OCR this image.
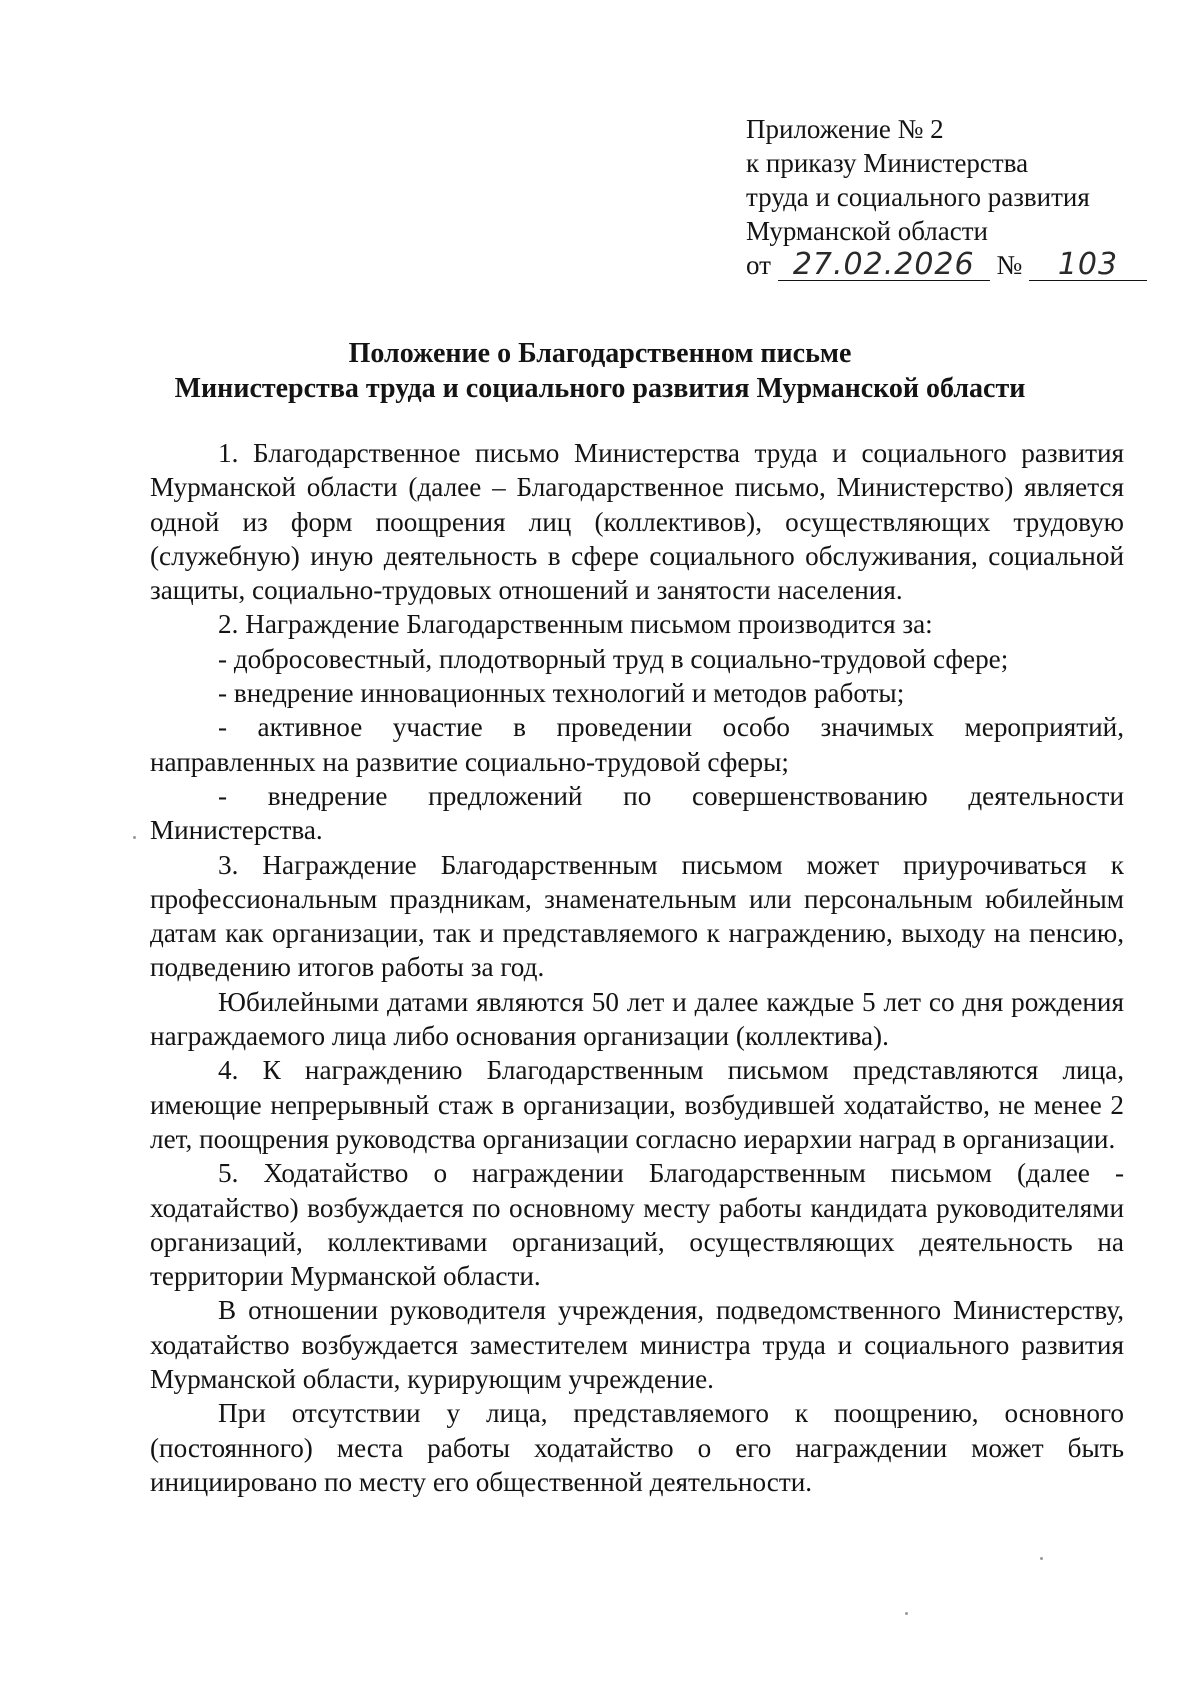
Приложение № 2
к приказу Министерства
труда и социального развития
Мурманской области
от 27.02.2026 № 103
Положение о Благодарственном письме
Министерства труда и социального развития Мурманской области

1. Благодарственное письмо Министерства труда и социального развития Мурманской области (далее – Благодарственное письмо, Министерство) является одной из форм поощрения лиц (коллективов), осуществляющих трудовую (служебную) иную деятельность в сфере социального обслуживания, социальной защиты, социально-трудовых отношений и занятости населения.

2. Награждение Благодарственным письмом производится за:

- добросовестный, плодотворный труд в социально-трудовой сфере;

- внедрение инновационных технологий и методов работы;

- активное участие в проведении особо значимых мероприятий, направленных на развитие социально-трудовой сферы;

- внедрение предложений по совершенствованию деятельности Министерства.

3. Награждение Благодарственным письмом может приурочиваться к профессиональным праздникам, знаменательным или персональным юбилейным датам как организации, так и представляемого к награждению, выходу на пенсию, подведению итогов работы за год.

Юбилейными датами являются 50 лет и далее каждые 5 лет со дня рождения награждаемого лица либо основания организации (коллектива).

4. К награждению Благодарственным письмом представляются лица, имеющие непрерывный стаж в организации, возбудившей ходатайство, не менее 2 лет, поощрения руководства организации согласно иерархии наград в организации.

5. Ходатайство о награждении Благодарственным письмом (далее - ходатайство) возбуждается по основному месту работы кандидата руководителями организаций, коллективами организаций, осуществляющих деятельность на территории Мурманской области.

В отношении руководителя учреждения, подведомственного Министерству, ходатайство возбуждается заместителем министра труда и социального развития Мурманской области, курирующим учреждение.

При отсутствии у лица, представляемого к поощрению, основного (постоянного) места работы ходатайство о его награждении может быть инициировано по месту его общественной деятельности.
